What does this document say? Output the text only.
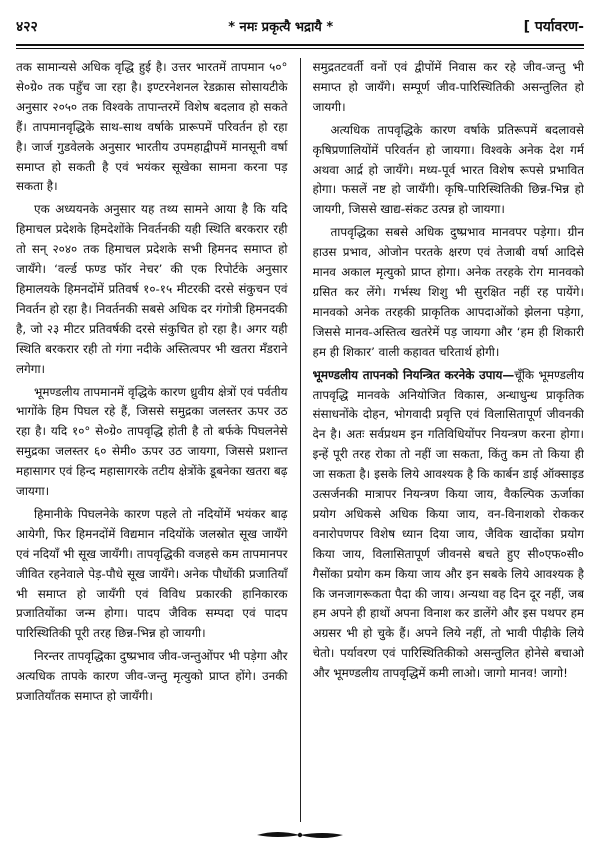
४२२	* नमः प्रकृत्यै भद्रायै *	[ पर्यावरण-

तक सामान्यसे अधिक वृद्धि हुई है। उत्तर भारतमें तापमान ५०° से०ग्रे० तक पहुँच जा रहा है। इण्टरनेशनल रेडक्रास सोसायटीके अनुसार २०५० तक विश्वके तापान्तरमें विशेष बदलाव हो सकते हैं। तापमानवृद्धिके साथ-साथ वर्षाके प्रारूपमें परिवर्तन हो रहा है। जार्ज गुडवेलके अनुसार भारतीय उपमहाद्वीपमें मानसूनी वर्षा समाप्त हो सकती है एवं भयंकर सूखेका सामना करना पड़ सकता है।

एक अध्ययनके अनुसार यह तथ्य सामने आया है कि यदि हिमाचल प्रदेशके हिमदेशोंके निवर्तनकी यही स्थिति बरकरार रही तो सन् २०४० तक हिमाचल प्रदेशके सभी हिमनद समाप्त हो जायँगे। ‘वर्ल्ड फण्ड फॉर नेचर’ की एक रिपोर्टके अनुसार हिमालयके हिमनदोंमें प्रतिवर्ष १०-१५ मीटरकी दरसे संकुचन एवं निवर्तन हो रहा है। निवर्तनकी सबसे अधिक दर गंगोत्री हिमनदकी है, जो २३ मीटर प्रतिवर्षकी दरसे संकुचित हो रहा है। अगर यही स्थिति बरकरार रही तो गंगा नदीके अस्तित्वपर भी खतरा मँडराने लगेगा।

भूमण्डलीय तापमानमें वृद्धिके कारण ध्रुवीय क्षेत्रों एवं पर्वतीय भागोंके हिम पिघल रहे हैं, जिससे समुद्रका जलस्तर ऊपर उठ रहा है। यदि १०° से०ग्रे० तापवृद्धि होती है तो बर्फके पिघलनेसे समुद्रका जलस्तर ६० सेमी० ऊपर उठ जायगा, जिससे प्रशान्त महासागर एवं हिन्द महासागरके तटीय क्षेत्रोंके डूबनेका खतरा बढ़ जायगा।

हिमानीके पिघलनेके कारण पहले तो नदियोंमें भयंकर बाढ़ आयेगी, फिर हिमनदोंमें विद्यमान नदियोंके जलस्रोत सूख जायँगे एवं नदियाँ भी सूख जायँगी। तापवृद्धिकी वजहसे कम तापमानपर जीवित रहनेवाले पेड़-पौधे सूख जायँगे। अनेक पौधोंकी प्रजातियाँ भी समाप्त हो जायँगी एवं विविध प्रकारकी हानिकारक प्रजातियोंका जन्म होगा। पादप जैविक सम्पदा एवं पादप पारिस्थितिकी पूरी तरह छिन्न-भिन्न हो जायगी।

निरन्तर तापवृद्धिका दुष्प्रभाव जीव-जन्तुओंपर भी पड़ेगा और अत्यधिक तापके कारण जीव-जन्तु मृत्युको प्राप्त होंगे। उनकी प्रजातियाँतक समाप्त हो जायँगी।

समुद्रतटवर्ती वनों एवं द्वीपोंमें निवास कर रहे जीव-जन्तु भी समाप्त हो जायँगे। सम्पूर्ण जीव-पारिस्थितिकी असन्तुलित हो जायगी।

अत्यधिक तापवृद्धिके कारण वर्षाके प्रतिरूपमें बदलावसे कृषिप्रणालियोंमें परिवर्तन हो जायगा। विश्वके अनेक देश गर्म अथवा आर्द्र हो जायँगे। मध्य-पूर्व भारत विशेष रूपसे प्रभावित होगा। फसलें नष्ट हो जायँगी। कृषि-पारिस्थितिकी छिन्न-भिन्न हो जायगी, जिससे खाद्य-संकट उत्पन्न हो जायगा।

तापवृद्धिका सबसे अधिक दुष्प्रभाव मानवपर पड़ेगा। ग्रीन हाउस प्रभाव, ओजोन परतके क्षरण एवं तेजाबी वर्षा आदिसे मानव अकाल मृत्युको प्राप्त होगा। अनेक तरहके रोग मानवको ग्रसित कर लेंगे। गर्भस्थ शिशु भी सुरक्षित नहीं रह पायेंगे। मानवको अनेक तरहकी प्राकृतिक आपदाओंको झेलना पड़ेगा, जिससे मानव-अस्तित्व खतरेमें पड़ जायगा और ‘हम ही शिकारी हम ही शिकार’ वाली कहावत चरितार्थ होगी।

भूमण्डलीय तापनको नियन्त्रित करनेके उपाय—चूँकि भूमण्डलीय तापवृद्धि मानवके अनियोजित विकास, अन्धाधुन्ध प्राकृतिक संसाधनोंके दोहन, भोगवादी प्रवृत्ति एवं विलासितापूर्ण जीवनकी देन है। अतः सर्वप्रथम इन गतिविधियोंपर नियन्त्रण करना होगा। इन्हें पूरी तरह रोका तो नहीं जा सकता, किंतु कम तो किया ही जा सकता है। इसके लिये आवश्यक है कि कार्बन डाई ऑक्साइड उत्सर्जनकी मात्रापर नियन्त्रण किया जाय, वैकल्पिक ऊर्जाका प्रयोग अधिकसे अधिक किया जाय, वन-विनाशको रोककर वनारोपणपर विशेष ध्यान दिया जाय, जैविक खादोंका प्रयोग किया जाय, विलासितापूर्ण जीवनसे बचते हुए सी०एफ०सी० गैसोंका प्रयोग कम किया जाय और इन सबके लिये आवश्यक है कि जनजागरूकता पैदा की जाय। अन्यथा वह दिन दूर नहीं, जब हम अपने ही हाथों अपना विनाश कर डालेंगे और इस पथपर हम अग्रसर भी हो चुके हैं। अपने लिये नहीं, तो भावी पीढ़ीके लिये चेतो। पर्यावरण एवं पारिस्थितिकीको असन्तुलित होनेसे बचाओ और भूमण्डलीय तापवृद्धिमें कमी लाओ। जागो मानव! जागो!
